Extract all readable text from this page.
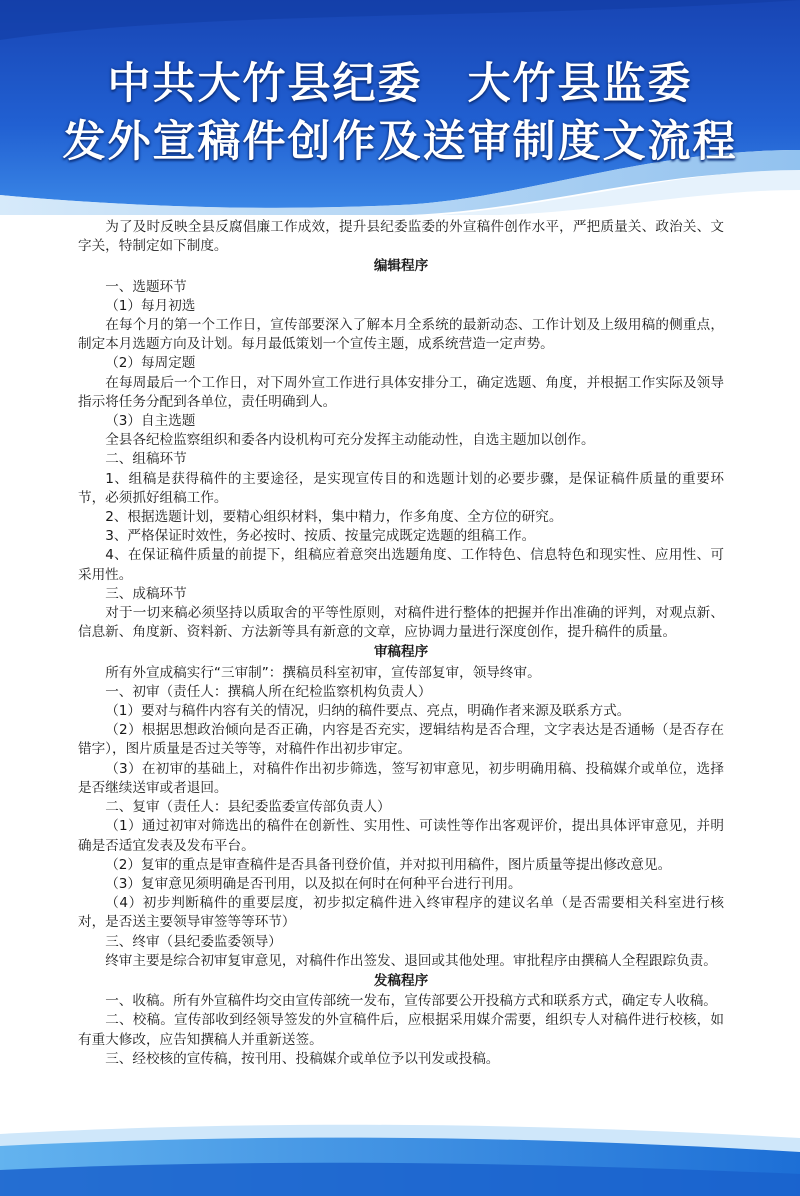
中共大竹县纪委　大竹县监委
发外宣稿件创作及送审制度文流程

为了及时反映全县反腐倡廉工作成效，提升县纪委监委的外宣稿件创作水平，严把质量关、政治关、文字关，特制定如下制度。

编辑程序

一、选题环节

（1）每月初选

在每个月的第一个工作日，宣传部要深入了解本月全系统的最新动态、工作计划及上级用稿的侧重点，制定本月选题方向及计划。每月最低策划一个宣传主题，成系统营造一定声势。

（2）每周定题

在每周最后一个工作日，对下周外宣工作进行具体安排分工，确定选题、角度，并根据工作实际及领导指示将任务分配到各单位，责任明确到人。

（3）自主选题

全县各纪检监察组织和委各内设机构可充分发挥主动能动性，自选主题加以创作。

二、组稿环节

1、组稿是获得稿件的主要途径，是实现宣传目的和选题计划的必要步骤，是保证稿件质量的重要环节，必须抓好组稿工作。

2、根据选题计划，要精心组织材料，集中精力，作多角度、全方位的研究。

3、严格保证时效性，务必按时、按质、按量完成既定选题的组稿工作。

4、在保证稿件质量的前提下，组稿应着意突出选题角度、工作特色、信息特色和现实性、应用性、可采用性。

三、成稿环节

对于一切来稿必须坚持以质取舍的平等性原则，对稿件进行整体的把握并作出准确的评判，对观点新、信息新、角度新、资料新、方法新等具有新意的文章，应协调力量进行深度创作，提升稿件的质量。

审稿程序

所有外宣成稿实行“三审制”：撰稿员科室初审，宣传部复审，领导终审。

一、初审（责任人：撰稿人所在纪检监察机构负责人）

（1）要对与稿件内容有关的情况，归纳的稿件要点、亮点，明确作者来源及联系方式。

（2）根据思想政治倾向是否正确，内容是否充实，逻辑结构是否合理，文字表达是否通畅（是否存在错字），图片质量是否过关等等，对稿件作出初步审定。

（3）在初审的基础上，对稿件作出初步筛选，签写初审意见，初步明确用稿、投稿媒介或单位，选择是否继续送审或者退回。

二、复审（责任人：县纪委监委宣传部负责人）

（1）通过初审对筛选出的稿件在创新性、实用性、可读性等作出客观评价，提出具体评审意见，并明确是否适宜发表及发布平台。

（2）复审的重点是审查稿件是否具备刊登价值，并对拟刊用稿件，图片质量等提出修改意见。

（3）复审意见须明确是否刊用，以及拟在何时在何种平台进行刊用。

（4）初步判断稿件的重要层度，初步拟定稿件进入终审程序的建议名单（是否需要相关科室进行核对，是否送主要领导审签等等环节）

三、终审（县纪委监委领导）

终审主要是综合初审复审意见，对稿件作出签发、退回或其他处理。审批程序由撰稿人全程跟踪负责。

发稿程序

一、收稿。所有外宣稿件均交由宣传部统一发布，宣传部要公开投稿方式和联系方式，确定专人收稿。

二、校稿。宣传部收到经领导签发的外宣稿件后，应根据采用媒介需要，组织专人对稿件进行校核，如有重大修改，应告知撰稿人并重新送签。

三、经校核的宣传稿，按刊用、投稿媒介或单位予以刊发或投稿。
